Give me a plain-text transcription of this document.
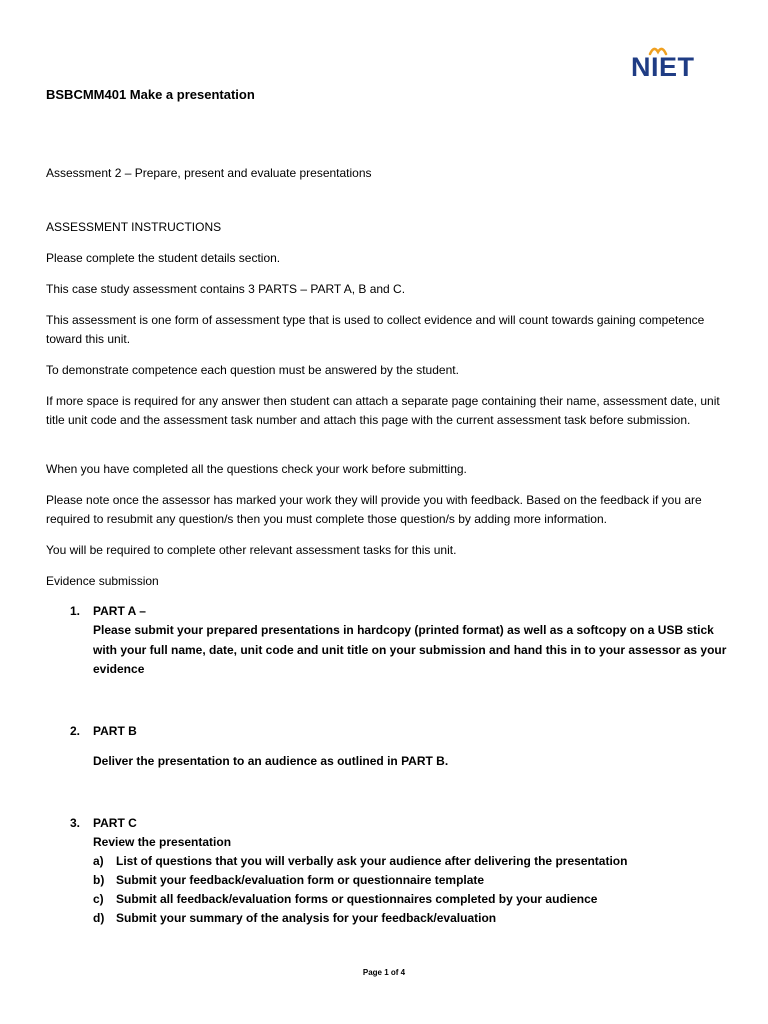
NIET
BSBCMM401 Make a presentation
Assessment 2 – Prepare, present and evaluate presentations
ASSESSMENT INSTRUCTIONS
Please complete the student details section.
This case study assessment contains 3 PARTS – PART A, B and C.
This assessment is one form of assessment type that is used to collect evidence and will count towards gaining competence toward this unit.
To demonstrate competence each question must be answered by the student.
If more space is required for any answer then student can attach a separate page containing their name, assessment date, unit title unit code and the assessment task number and attach this page with the current assessment task before submission.
When you have completed all the questions check your work before submitting.
Please note once the assessor has marked your work they will provide you with feedback. Based on the feedback if you are required to resubmit any question/s then you must complete those question/s by adding more information.
You will be required to complete other relevant assessment tasks for this unit.
Evidence submission
1. PART A –
Please submit your prepared presentations in hardcopy (printed format) as well as a softcopy on a USB stick with your full name, date, unit code and unit title on your submission and hand this in to your assessor as your evidence
2. PART B
Deliver the presentation to an audience as outlined in PART B.
3. PART C
Review the presentation
a) List of questions that you will verbally ask your audience after delivering the presentation
b) Submit your feedback/evaluation form or questionnaire template
c) Submit all feedback/evaluation forms or questionnaires completed by your audience
d) Submit your summary of the analysis for your feedback/evaluation
Page 1 of 4
